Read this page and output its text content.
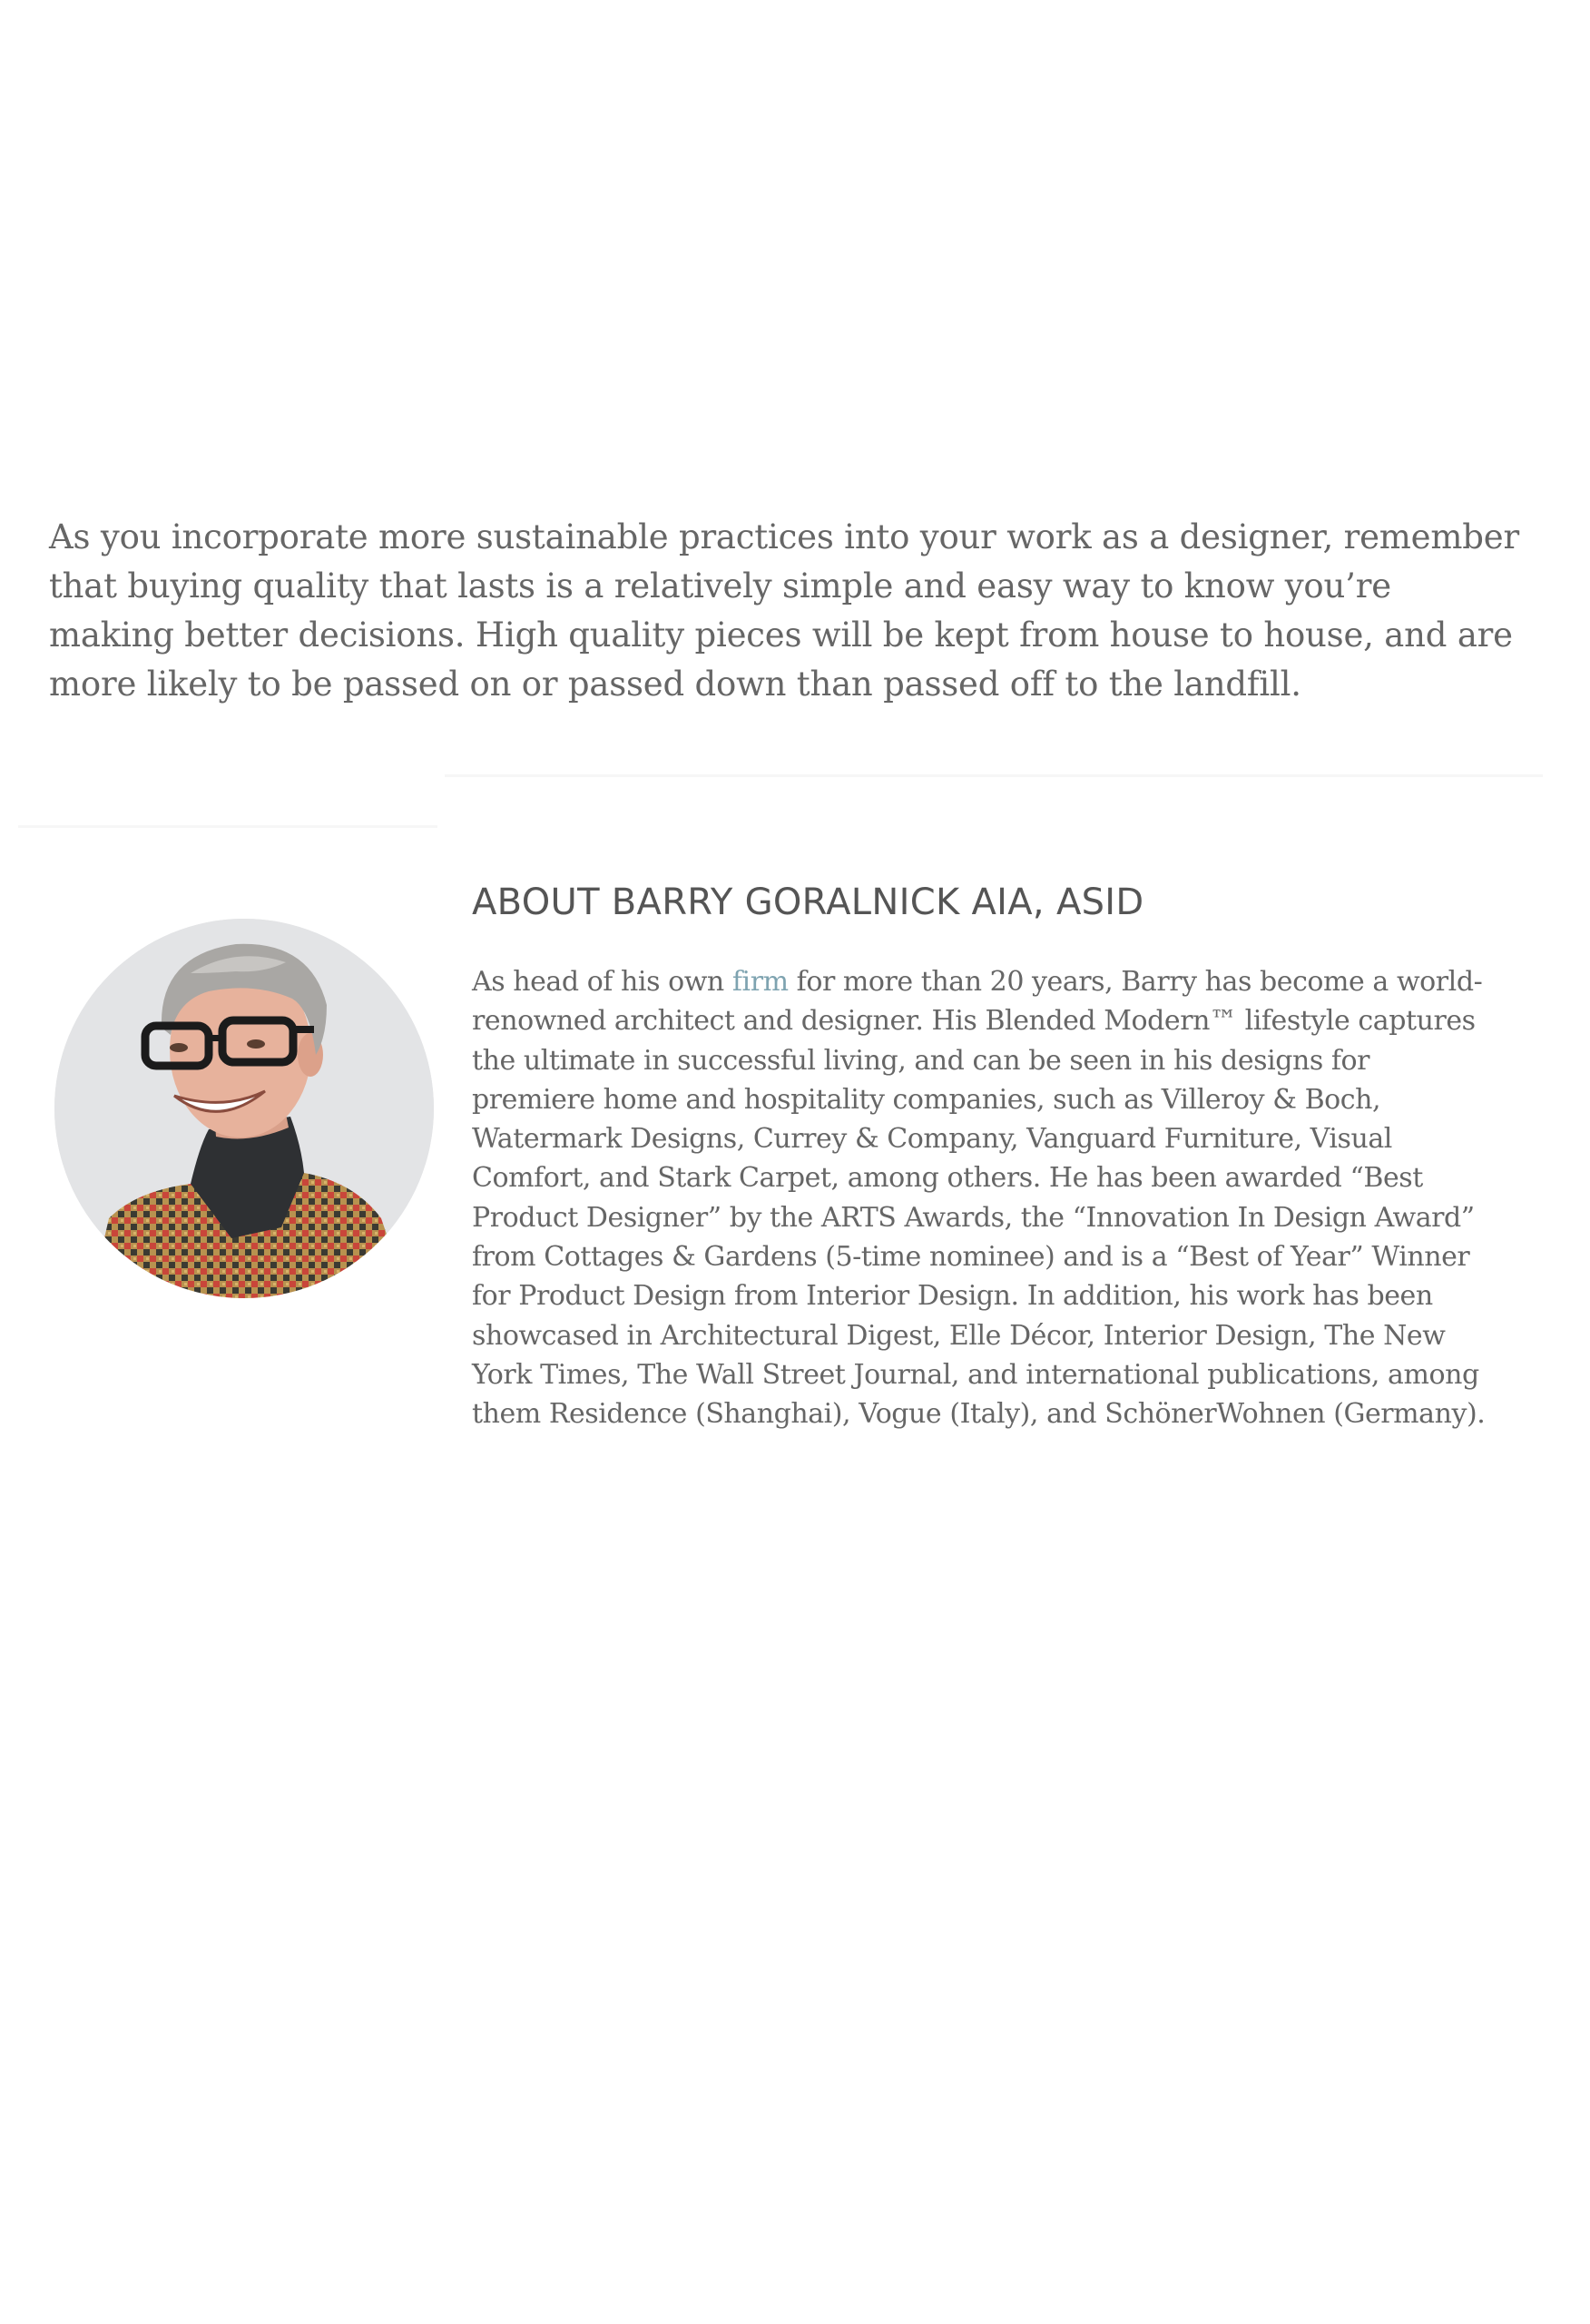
As you incorporate more sustainable practices into your work as a designer, remember that buying quality that lasts is a relatively simple and easy way to know you’re making better decisions. High quality pieces will be kept from house to house, and are more likely to be passed on or passed down than passed off to the landfill.

ABOUT BARRY GORALNICK AIA, ASID

As head of his own firm for more than 20 years, Barry has become a world-renowned architect and designer. His Blended Modern™ lifestyle captures the ultimate in successful living, and can be seen in his designs for premiere home and hospitality companies, such as Villeroy & Boch, Watermark Designs, Currey & Company, Vanguard Furniture, Visual Comfort, and Stark Carpet, among others. He has been awarded “Best Product Designer” by the ARTS Awards, the “Innovation In Design Award” from Cottages & Gardens (5-time nominee) and is a “Best of Year” Winner for Product Design from Interior Design. In addition, his work has been showcased in Architectural Digest, Elle Décor, Interior Design, The New York Times, The Wall Street Journal, and international publications, among them Residence (Shanghai), Vogue (Italy), and SchönerWohnen (Germany).
